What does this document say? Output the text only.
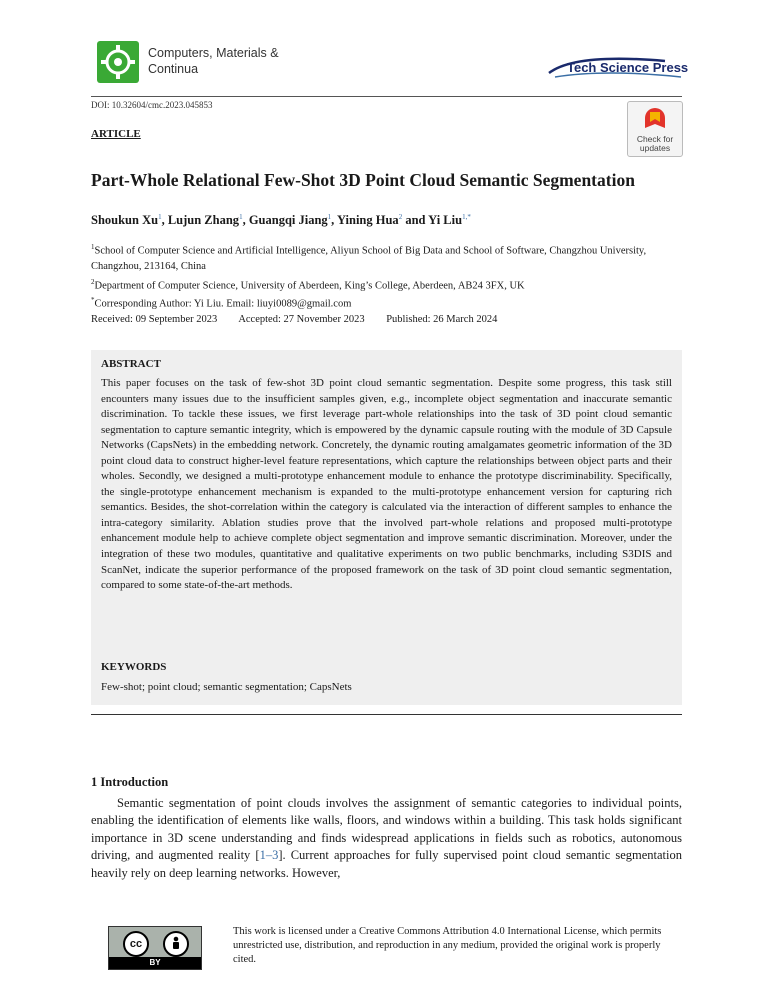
Computers, Materials &
Continua	Tech Science Press
DOI: 10.32604/cmc.2023.045853
ARTICLE	Check for
updates
Part-Whole Relational Few-Shot 3D Point Cloud Semantic Segmentation
Shoukun Xu$^1$, Lujun Zhang$^1$, Guangqi Jiang$^1$, Yining Hua$^2$ and Yi Liu$^{1,*}$
$^1$School of Computer Science and Artificial Intelligence, Aliyun School of Big Data and School of Software, Changzhou University, Changzhou, 213164, China
$^2$Department of Computer Science, University of Aberdeen, King’s College, Aberdeen, AB24 3FX, UK
*Corresponding Author: Yi Liu. Email: liuyi0089@gmail.com
Received: 09 September 2023 Accepted: 27 November 2023 Published: 26 March 2024
ABSTRACT
This paper focuses on the task of few-shot 3D point cloud semantic segmentation. Despite some progress, this task still encounters many issues due to the insufficient samples given, e.g., incomplete object segmentation and inaccurate semantic discrimination. To tackle these issues, we first leverage part-whole relationships into the task of 3D point cloud semantic segmentation to capture semantic integrity, which is empowered by the dynamic capsule routing with the module of 3D Capsule Networks (CapsNets) in the embedding network. Concretely, the dynamic routing amalgamates geometric information of the 3D point cloud data to construct higher-level feature representations, which capture the relationships between object parts and their wholes. Secondly, we designed a multi-prototype enhancement module to enhance the prototype discriminability. Specifically, the single-prototype enhancement mechanism is expanded to the multi-prototype enhancement version for capturing rich semantics. Besides, the shot-correlation within the category is calculated via the interaction of different samples to enhance the intra-category similarity. Ablation studies prove that the involved part-whole relations and proposed multi-prototype enhancement module help to achieve complete object segmentation and improve semantic discrimination. Moreover, under the integration of these two modules, quantitative and qualitative experiments on two public benchmarks, including S3DIS and ScanNet, indicate the superior performance of the proposed framework on the task of 3D point cloud semantic segmentation, compared to some state-of-the-art methods.
KEYWORDS
Few-shot; point cloud; semantic segmentation; CapsNets
1 Introduction

Semantic segmentation of point clouds involves the assignment of semantic categories to individual points, enabling the identification of elements like walls, floors, and windows within a building. This task holds significant importance in 3D scene understanding and finds widespread applications in fields such as robotics, autonomous driving, and augmented reality [1–3]. Current approaches for fully supervised point cloud semantic segmentation heavily rely on deep learning networks. However,

cc
BY
This work is licensed under a Creative Commons Attribution 4.0 International License, which permits unrestricted use, distribution, and reproduction in any medium, provided the original work is properly cited.
